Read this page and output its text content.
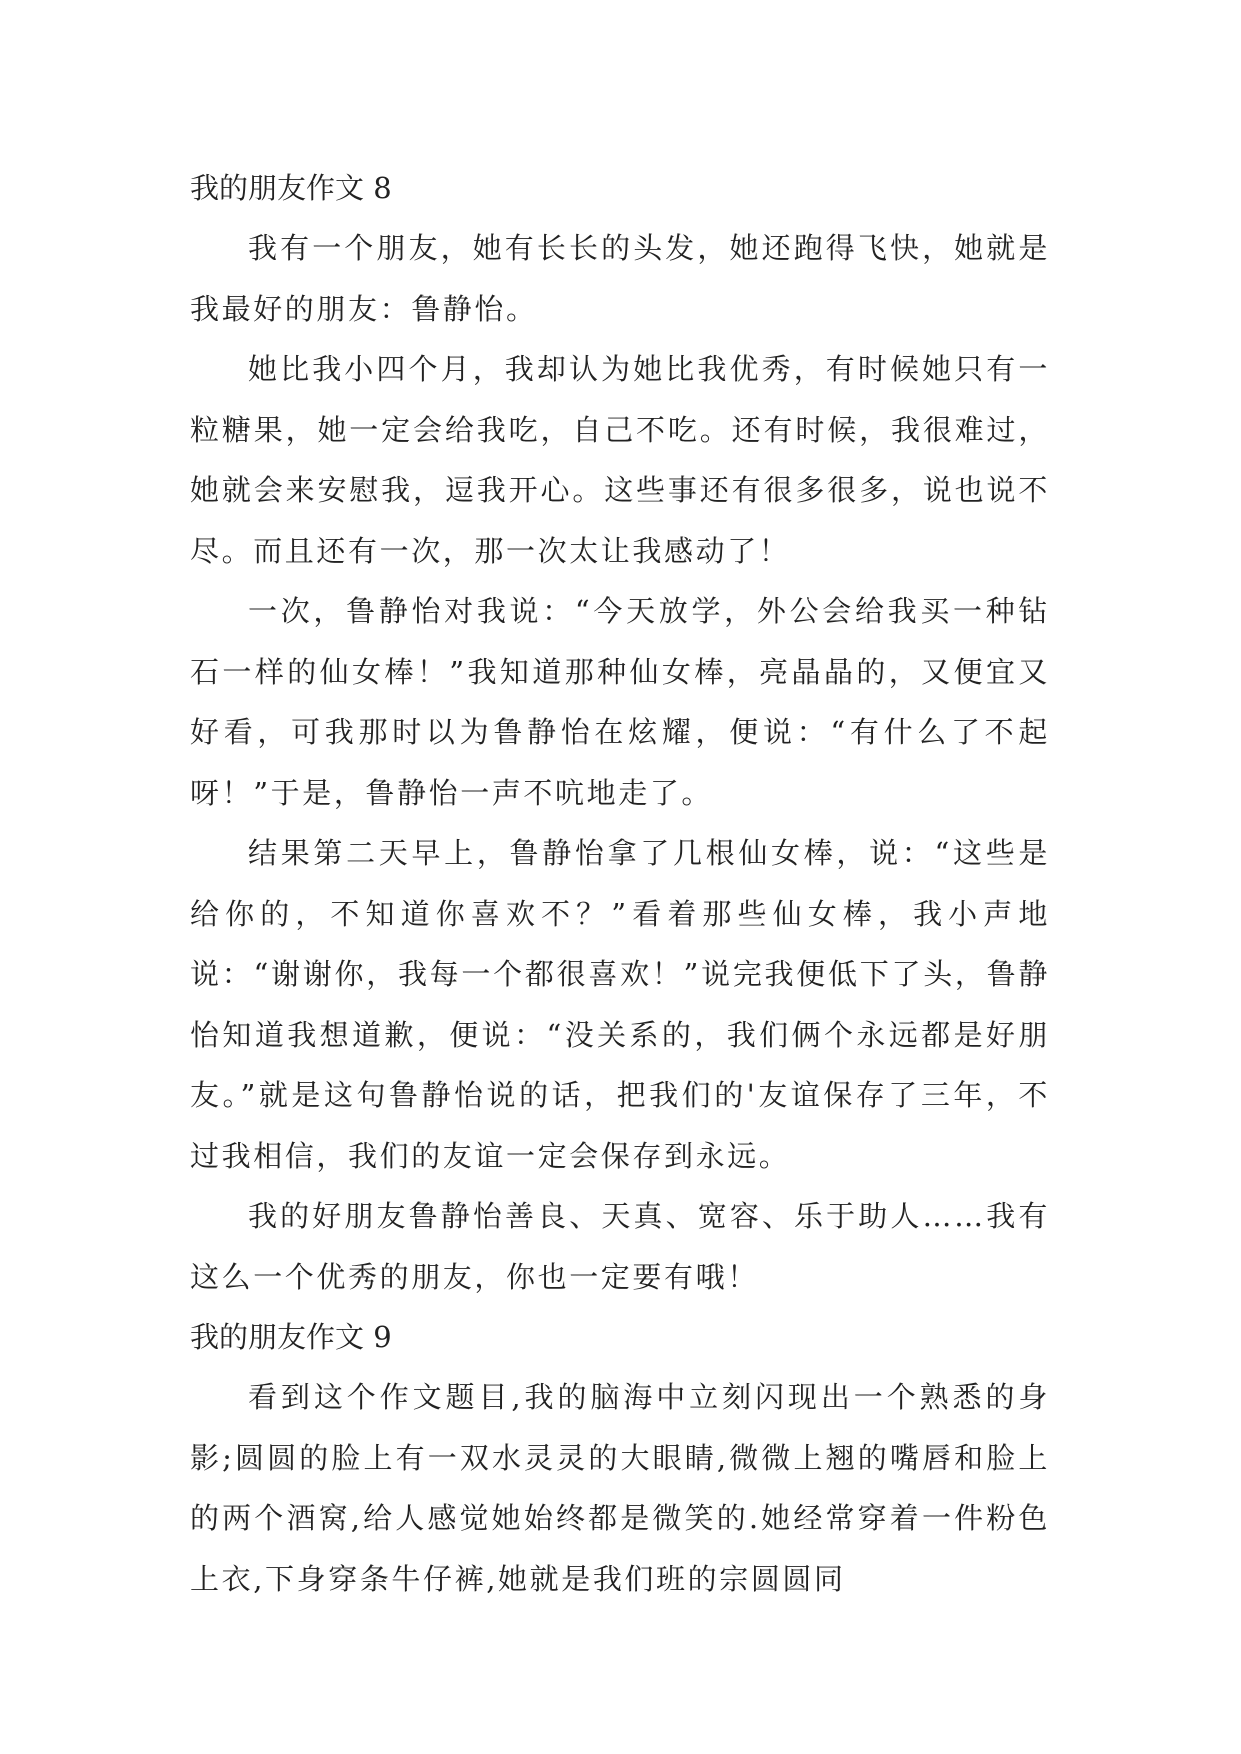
我的朋友作文 8

我有一个朋友，她有长长的头发，她还跑得飞快，她就是我最好的朋友：鲁静怡。

她比我小四个月，我却认为她比我优秀，有时候她只有一粒糖果，她一定会给我吃，自己不吃。还有时候，我很难过，她就会来安慰我，逗我开心。这些事还有很多很多，说也说不尽。而且还有一次，那一次太让我感动了！

一次，鲁静怡对我说：“今天放学，外公会给我买一种钻石一样的仙女棒！”我知道那种仙女棒，亮晶晶的，又便宜又好看，可我那时以为鲁静怡在炫耀，便说：“有什么了不起呀！”于是，鲁静怡一声不吭地走了。

结果第二天早上，鲁静怡拿了几根仙女棒，说：“这些是给你的，不知道你喜欢不？”看着那些仙女棒，我小声地说：“谢谢你，我每一个都很喜欢！”说完我便低下了头，鲁静怡知道我想道歉，便说：“没关系的，我们俩个永远都是好朋友。”就是这句鲁静怡说的话，把我们的'友谊保存了三年，不过我相信，我们的友谊一定会保存到永远。

我的好朋友鲁静怡善良、天真、宽容、乐于助人……我有这么一个优秀的朋友，你也一定要有哦！

我的朋友作文 9

看到这个作文题目,我的脑海中立刻闪现出一个熟悉的身影;圆圆的脸上有一双水灵灵的大眼睛,微微上翘的嘴唇和脸上的两个酒窝,给人感觉她始终都是微笑的.她经常穿着一件粉色上衣,下身穿条牛仔裤,她就是我们班的宗圆圆同
